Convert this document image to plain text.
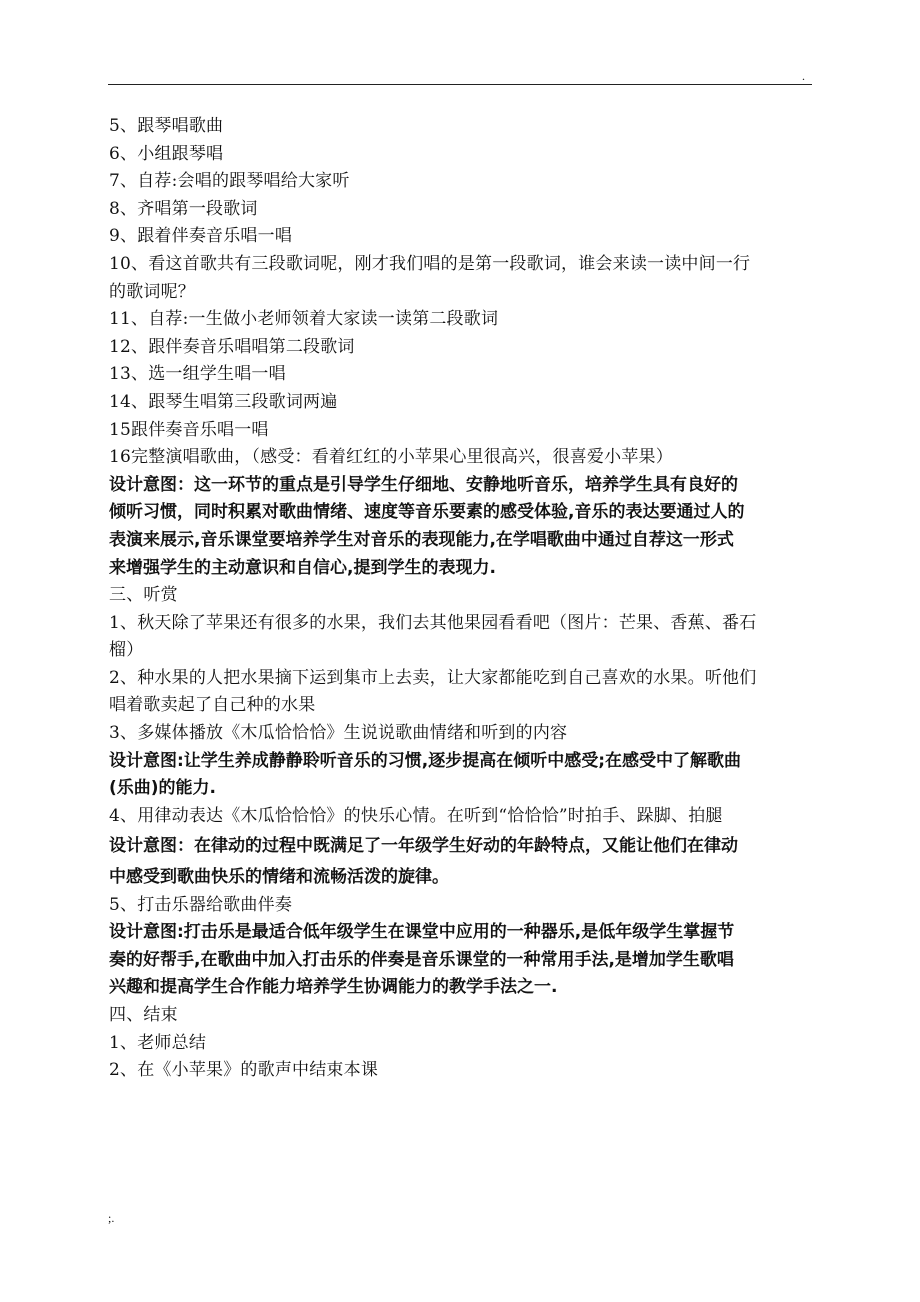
.
5、跟琴唱歌曲
6、小组跟琴唱
7、自荐:会唱的跟琴唱给大家听
8、齐唱第一段歌词
9、跟着伴奏音乐唱一唱
10、看这首歌共有三段歌词呢，刚才我们唱的是第一段歌词，谁会来读一读中间一行
的歌词呢？
11、自荐:一生做小老师领着大家读一读第二段歌词
12、跟伴奏音乐唱唱第二段歌词
13、选一组学生唱一唱
14、跟琴生唱第三段歌词两遍
15跟伴奏音乐唱一唱
16完整演唱歌曲，（感受：看着红红的小苹果心里很高兴，很喜爱小苹果）
设计意图：这一环节的重点是引导学生仔细地、安静地听音乐，培养学生具有良好的
倾听习惯，同时积累对歌曲情绪、速度等音乐要素的感受体验,音乐的表达要通过人的
表演来展示,音乐课堂要培养学生对音乐的表现能力,在学唱歌曲中通过自荐这一形式
来增强学生的主动意识和自信心,提到学生的表现力.
三、听赏
1、秋天除了苹果还有很多的水果，我们去其他果园看看吧（图片：芒果、香蕉、番石
榴）
2、种水果的人把水果摘下运到集市上去卖，让大家都能吃到自己喜欢的水果。听他们
唱着歌卖起了自己种的水果
3、多媒体播放《木瓜恰恰恰》生说说歌曲情绪和听到的内容
设计意图:让学生养成静静聆听音乐的习惯,逐步提高在倾听中感受;在感受中了解歌曲
(乐曲)的能力.
4、用律动表达《木瓜恰恰恰》的快乐心情。在听到“恰恰恰”时拍手、跺脚、拍腿
设计意图：在律动的过程中既满足了一年级学生好动的年龄特点，又能让他们在律动
中感受到歌曲快乐的情绪和流畅活泼的旋律。
5、打击乐器给歌曲伴奏
设计意图:打击乐是最适合低年级学生在课堂中应用的一种器乐,是低年级学生掌握节
奏的好帮手,在歌曲中加入打击乐的伴奏是音乐课堂的一种常用手法,是增加学生歌唱
兴趣和提高学生合作能力培养学生协调能力的教学手法之一.
四、结束
1、老师总结
2、在《小苹果》的歌声中结束本课
;.
